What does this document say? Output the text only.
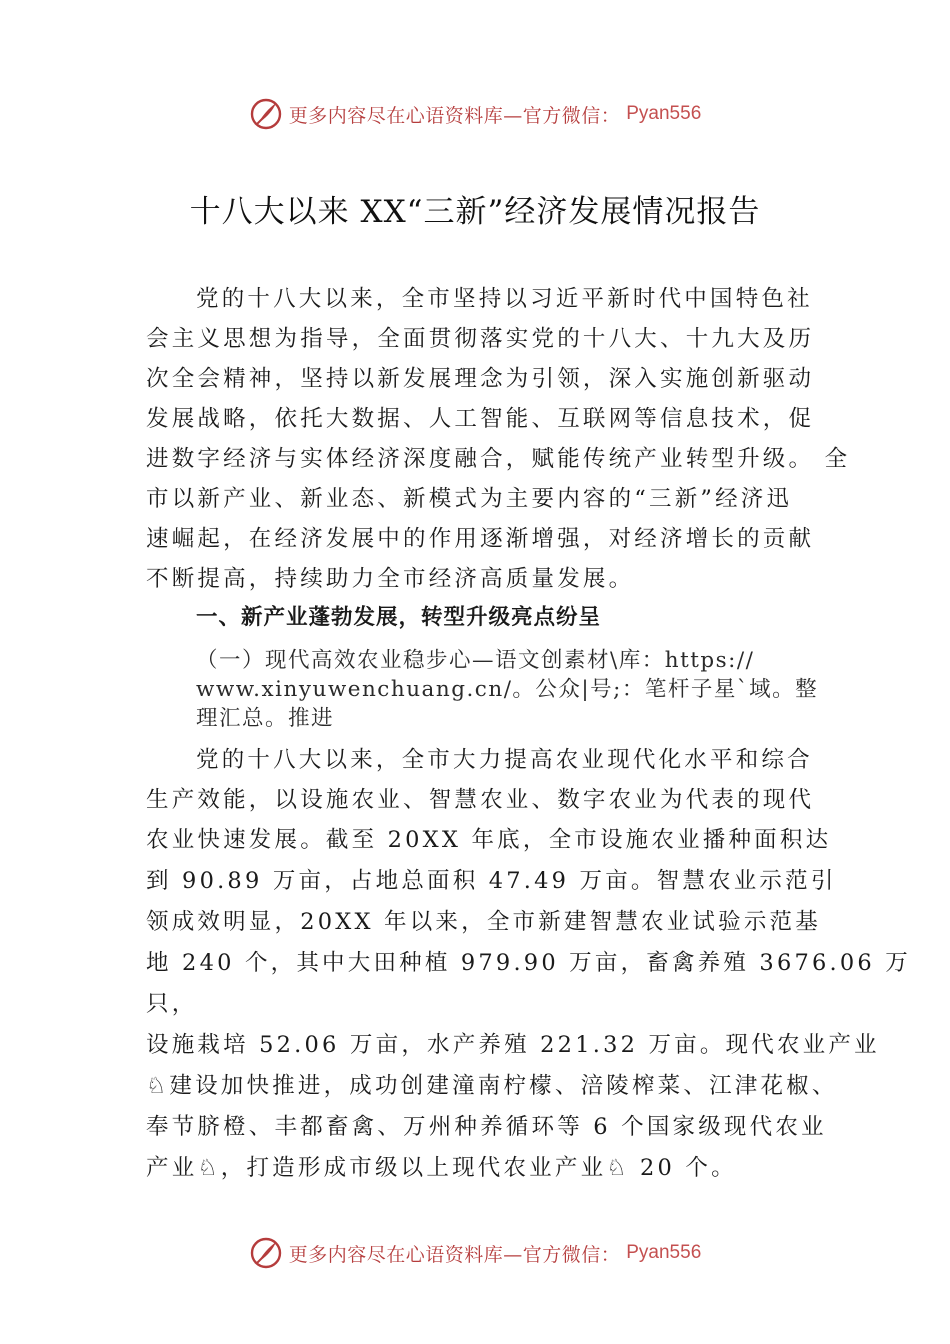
更多内容尽在心语资料库—官方微信： Pyan556
十八大以来 XX“三新”经济发展情况报告
党的十八大以来，全市坚持以习近平新时代中国特色社
会主义思想为指导，全面贯彻落实党的十八大、十九大及历
次全会精神，坚持以新发展理念为引领，深入实施创新驱动
发展战略，依托大数据、人工智能、互联网等信息技术，促
进数字经济与实体经济深度融合，赋能传统产业转型升级。 全
市以新产业、新业态、新模式为主要内容的“三新”经济迅
速崛起，在经济发展中的作用逐渐增强，对经济增长的贡献
不断提高，持续助力全市经济高质量发展。
一、新产业蓬勃发展，转型升级亮点纷呈
（一）现代高效农业稳步心—语文创素材\库：https://
www.xinyuwenchuang.cn/。公众|号;：笔杆子星`域。整
理汇总。推进
党的十八大以来，全市大力提高农业现代化水平和综合
生产效能，以设施农业、智慧农业、数字农业为代表的现代
农业快速发展。截至 20XX 年底，全市设施农业播种面积达
到 90.89 万亩，占地总面积 47.49 万亩。智慧农业示范引
领成效明显，20XX 年以来，全市新建智慧农业试验示范基
地 240 个，其中大田种植 979.90 万亩，畜禽养殖 3676.06 万
只，
设施栽培 52.06 万亩，水产养殖 221.32 万亩。现代农业产业
♘建设加快推进，成功创建潼南柠檬、涪陵榨菜、江津花椒、
奉节脐橙、丰都畜禽、万州种养循环等 6 个国家级现代农业
产业♘，打造形成市级以上现代农业产业♘ 20 个。
更多内容尽在心语资料库—官方微信： Pyan556
